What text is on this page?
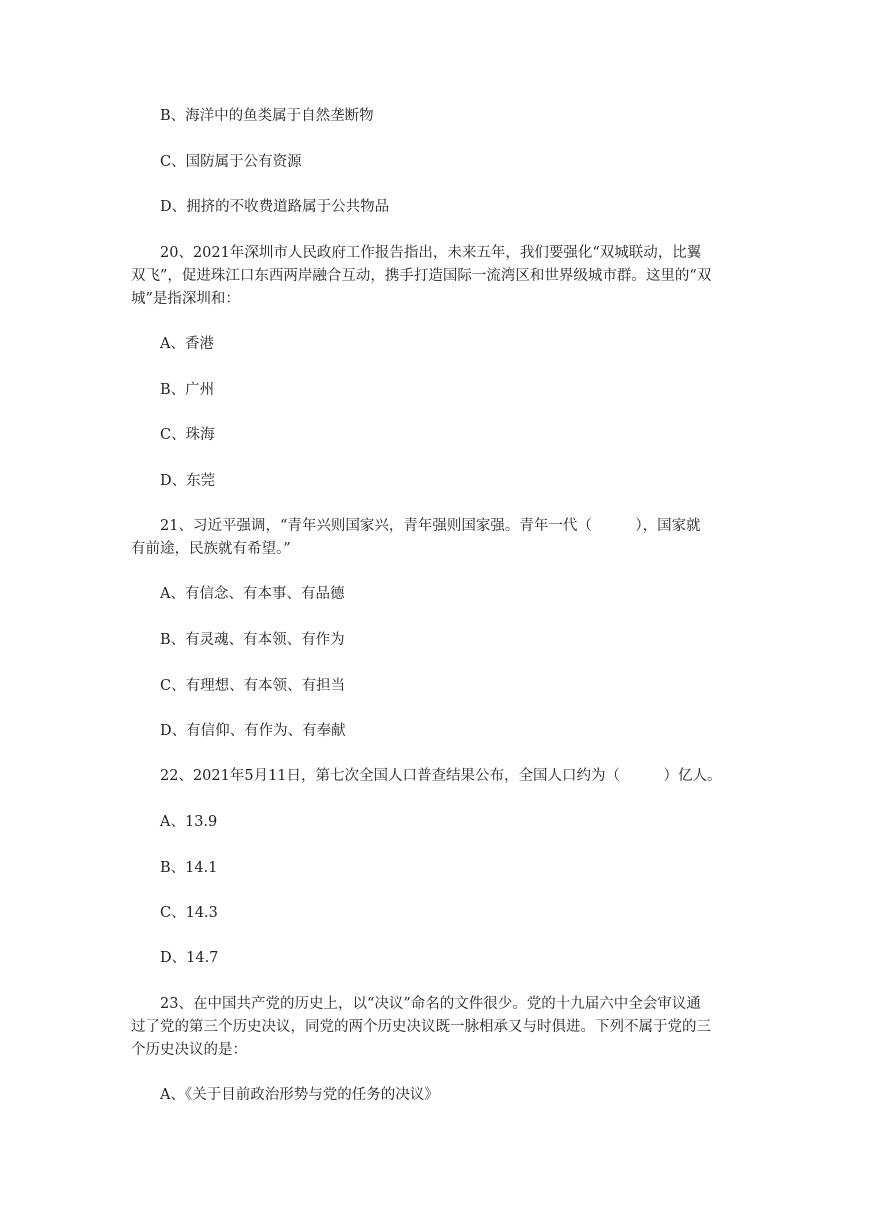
B、海洋中的鱼类属于自然垄断物

C、国防属于公有资源

D、拥挤的不收费道路属于公共物品

20、2021年深圳市人民政府工作报告指出，未来五年，我们要强化“双城联动，比翼

双飞”，促进珠江口东西两岸融合互动，携手打造国际一流湾区和世界级城市群。这里的“双

城”是指深圳和：

A、香港

B、广州

C、珠海

D、东莞

21、习近平强调，“青年兴则国家兴，青年强则国家强。青年一代（　　　），国家就

有前途，民族就有希望。”

A、有信念、有本事、有品德

B、有灵魂、有本领、有作为

C、有理想、有本领、有担当

D、有信仰、有作为、有奉献

22、2021年5月11日，第七次全国人口普查结果公布，全国人口约为（　　　）亿人。

A、13.9

B、14.1

C、14.3

D、14.7

23、在中国共产党的历史上，以“决议”命名的文件很少。党的十九届六中全会审议通

过了党的第三个历史决议，同党的两个历史决议既一脉相承又与时俱进。下列不属于党的三

个历史决议的是：

A、《关于目前政治形势与党的任务的决议》
